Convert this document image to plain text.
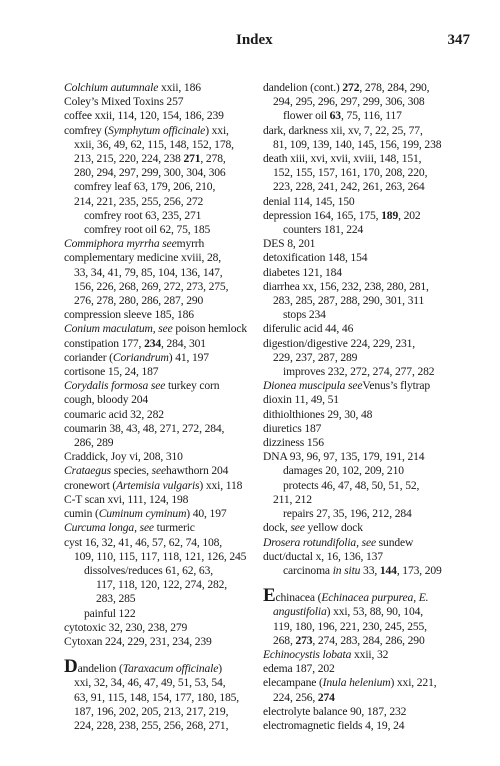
Index	347
Colchium autumnale xxii, 186
Coley’s Mixed Toxins 257
coffee xxii, 114, 120, 154, 186, 239
comfrey (Symphytum officinale) xxi,
xxii, 36, 49, 62, 115, 148, 152, 178,
213, 215, 220, 224, 238 271, 278,
280, 294, 297, 299, 300, 304, 306
comfrey leaf 63, 179, 206, 210,
214, 221, 235, 255, 256, 272
comfrey root 63, 235, 271
comfrey root oil 62, 75, 185
Commiphora myrrha seemyrrh
complementary medicine xviii, 28,
33, 34, 41, 79, 85, 104, 136, 147,
156, 226, 268, 269, 272, 273, 275,
276, 278, 280, 286, 287, 290
compression sleeve 185, 186
Conium maculatum, see poison hemlock
constipation 177, 234, 284, 301
coriander (Coriandrum) 41, 197
cortisone 15, 24, 187
Corydalis formosa see turkey corn
cough, bloody 204
coumaric acid 32, 282
coumarin 38, 43, 48, 271, 272, 284,
286, 289
Craddick, Joy vi, 208, 310
Crataegus species, seehawthorn 204
cronewort (Artemisia vulgaris) xxi, 118
C-T scan xvi, 111, 124, 198
cumin (Cuminum cyminum) 40, 197
Curcuma longa, see turmeric
cyst 16, 32, 41, 46, 57, 62, 74, 108,
109, 110, 115, 117, 118, 121, 126, 245
dissolves/reduces 61, 62, 63,
117, 118, 120, 122, 274, 282,
283, 285
painful 122
cytotoxic 32, 230, 238, 279
Cytoxan 224, 229, 231, 234, 239
Dandelion (Taraxacum officinale)
xxi, 32, 34, 46, 47, 49, 51, 53, 54,
63, 91, 115, 148, 154, 177, 180, 185,
187, 196, 202, 205, 213, 217, 219,
224, 228, 238, 255, 256, 268, 271,
dandelion (cont.) 272, 278, 284, 290,
294, 295, 296, 297, 299, 306, 308
flower oil 63, 75, 116, 117
dark, darkness xii, xv, 7, 22, 25, 77,
81, 109, 139, 140, 145, 156, 199, 238
death xiii, xvi, xvii, xviii, 148, 151,
152, 155, 157, 161, 170, 208, 220,
223, 228, 241, 242, 261, 263, 264
denial 114, 145, 150
depression 164, 165, 175, 189, 202
counters 181, 224
DES 8, 201
detoxification 148, 154
diabetes 121, 184
diarrhea xx, 156, 232, 238, 280, 281,
283, 285, 287, 288, 290, 301, 311
stops 234
diferulic acid 44, 46
digestion/digestive 224, 229, 231,
229, 237, 287, 289
improves 232, 272, 274, 277, 282
Dionea muscipula seeVenus’s flytrap
dioxin 11, 49, 51
dithiolthiones 29, 30, 48
diuretics 187
dizziness 156
DNA 93, 96, 97, 135, 179, 191, 214
damages 20, 102, 209, 210
protects 46, 47, 48, 50, 51, 52,
211, 212
repairs 27, 35, 196, 212, 284
dock, see yellow dock
Drosera rotundifolia, see sundew
duct/ductal x, 16, 136, 137
carcinoma in situ 33, 144, 173, 209
Echinacea (Echinacea purpurea, E.
angustifolia) xxi, 53, 88, 90, 104,
119, 180, 196, 221, 230, 245, 255,
268, 273, 274, 283, 284, 286, 290
Echinocystis lobata xxii, 32
edema 187, 202
elecampane (Inula helenium) xxi, 221,
224, 256, 274
electrolyte balance 90, 187, 232
electromagnetic fields 4, 19, 24
